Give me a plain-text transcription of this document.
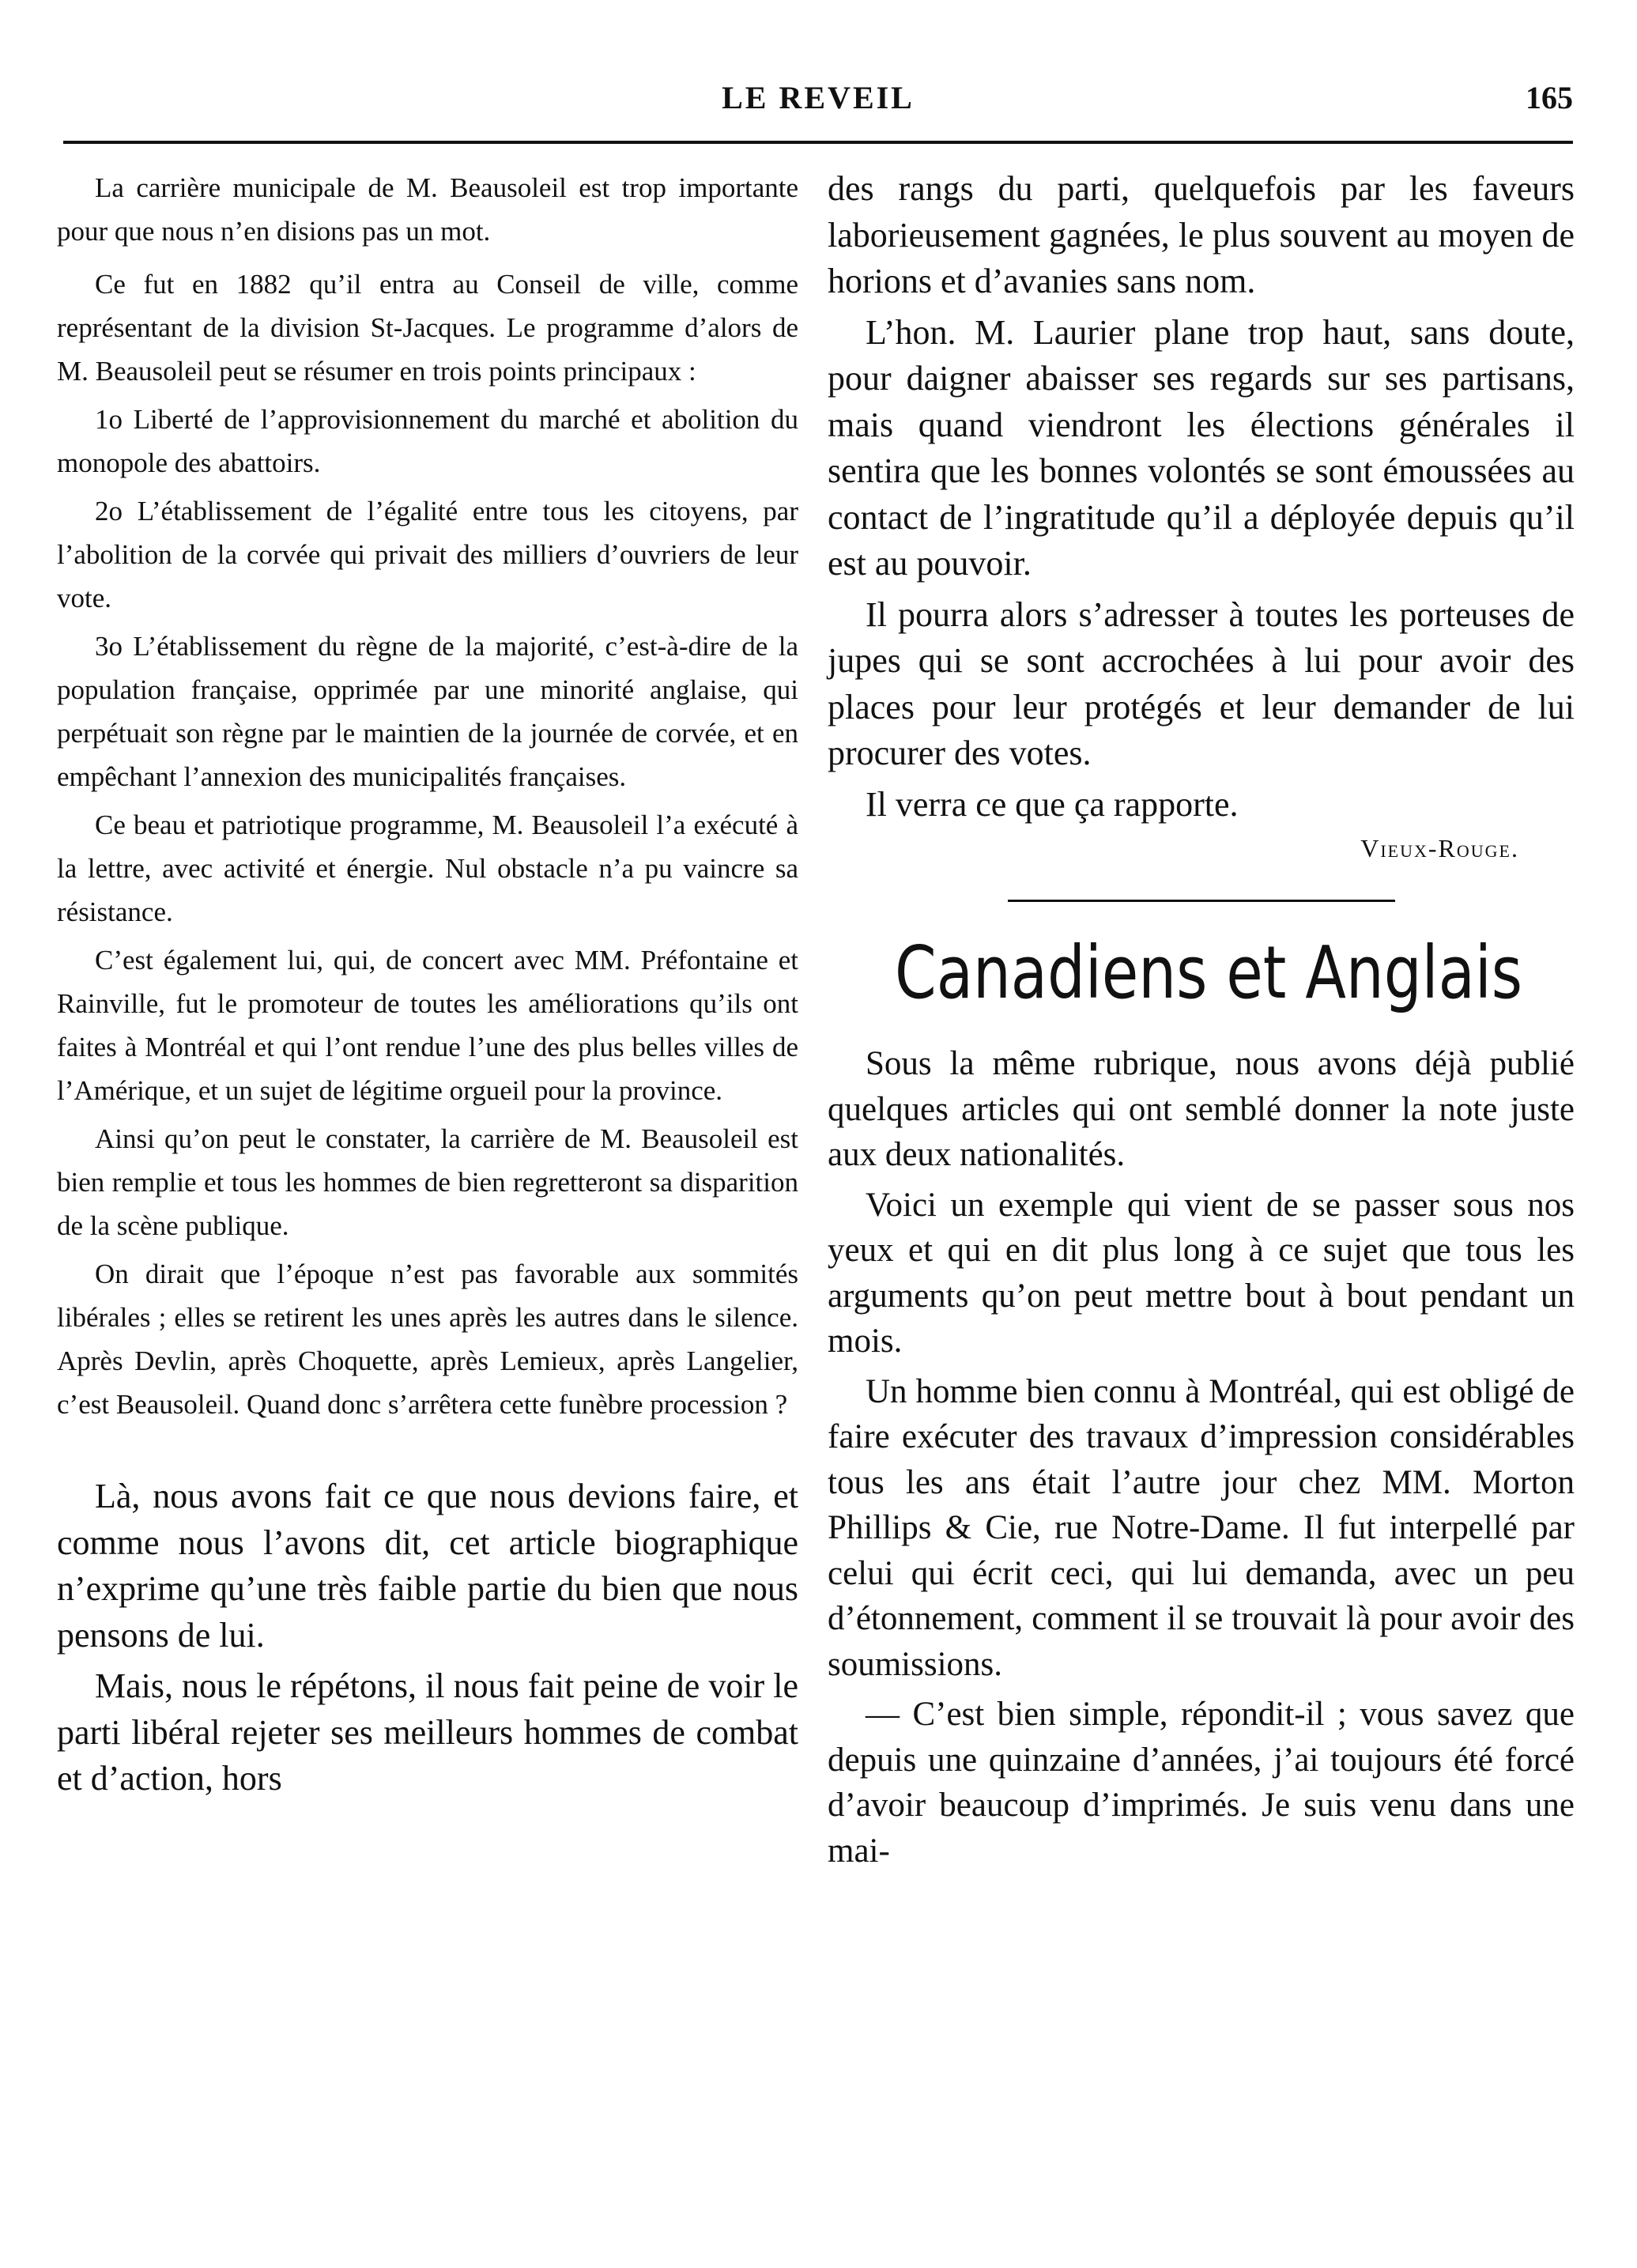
LE REVEIL	165

La carrière municipale de M. Beausoleil est trop importante pour que nous n’en disions pas un mot.

Ce fut en 1882 qu’il entra au Conseil de ville, comme représentant de la division St-Jacques. Le programme d’alors de M. Beausoleil peut se résumer en trois points principaux :

1o Liberté de l’approvisionnement du marché et abolition du monopole des abattoirs.

2o L’établissement de l’égalité entre tous les citoyens, par l’abolition de la corvée qui privait des milliers d’ouvriers de leur vote.

3o L’établissement du règne de la majorité, c’est-à-dire de la population française, opprimée par une minorité anglaise, qui perpétuait son règne par le maintien de la journée de corvée, et en empêchant l’annexion des municipalités françaises.

Ce beau et patriotique programme, M. Beausoleil l’a exécuté à la lettre, avec activité et énergie. Nul obstacle n’a pu vaincre sa résistance.

C’est également lui, qui, de concert avec MM. Préfontaine et Rainville, fut le promoteur de toutes les améliorations qu’ils ont faites à Montréal et qui l’ont rendue l’une des plus belles villes de l’Amérique, et un sujet de légitime orgueil pour la province.

Ainsi qu’on peut le constater, la carrière de M. Beausoleil est bien remplie et tous les hommes de bien regretteront sa disparition de la scène publique.

On dirait que l’époque n’est pas favorable aux sommités libérales ; elles se retirent les unes après les autres dans le silence. Après Devlin, après Choquette, après Lemieux, après Langelier, c’est Beausoleil. Quand donc s’arrêtera cette funèbre procession ?

Là, nous avons fait ce que nous devions faire, et comme nous l’avons dit, cet article biographique n’exprime qu’une très faible partie du bien que nous pensons de lui.

Mais, nous le répétons, il nous fait peine de voir le parti libéral rejeter ses meilleurs hommes de combat et d’action, hors

des rangs du parti, quelquefois par les faveurs laborieusement gagnées, le plus souvent au moyen de horions et d’avanies sans nom.

L’hon. M. Laurier plane trop haut, sans doute, pour daigner abaisser ses regards sur ses partisans, mais quand viendront les élections générales il sentira que les bonnes volontés se sont émoussées au contact de l’ingratitude qu’il a déployée depuis qu’il est au pouvoir.

Il pourra alors s’adresser à toutes les porteuses de jupes qui se sont accrochées à lui pour avoir des places pour leur protégés et leur demander de lui procurer des votes.

Il verra ce que ça rapporte.

Vieux-Rouge.
Canadiens et Anglais

Sous la même rubrique, nous avons déjà publié quelques articles qui ont semblé donner la note juste aux deux nationalités.

Voici un exemple qui vient de se passer sous nos yeux et qui en dit plus long à ce sujet que tous les arguments qu’on peut mettre bout à bout pendant un mois.

Un homme bien connu à Montréal, qui est obligé de faire exécuter des travaux d’impression considérables tous les ans était l’autre jour chez MM. Morton Phillips & Cie, rue Notre-Dame. Il fut interpellé par celui qui écrit ceci, qui lui demanda, avec un peu d’étonnement, comment il se trouvait là pour avoir des soumissions.

— C’est bien simple, répondit-il ; vous savez que depuis une quinzaine d’années, j’ai toujours été forcé d’avoir beaucoup d’imprimés. Je suis venu dans une mai-
